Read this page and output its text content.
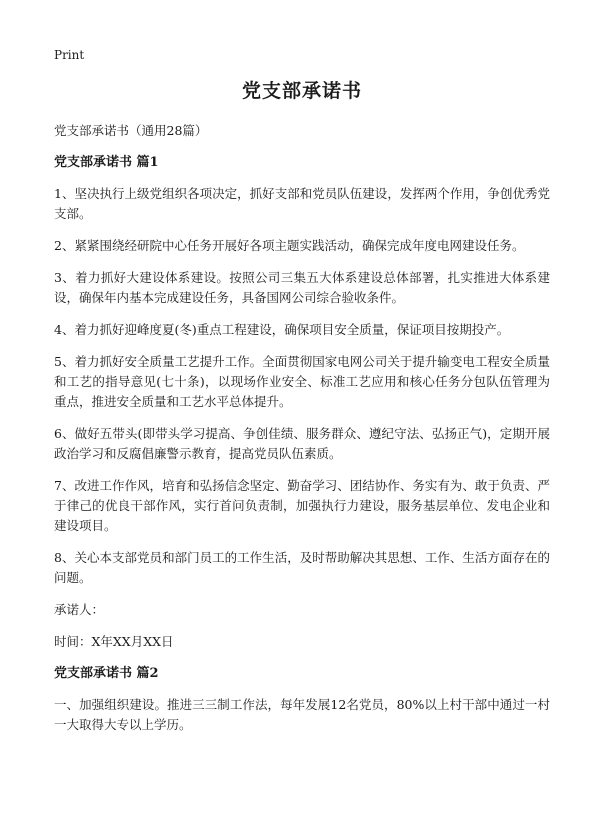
Print
党支部承诺书
党支部承诺书（通用28篇）
党支部承诺书 篇1

1、坚决执行上级党组织各项决定，抓好支部和党员队伍建设，发挥两个作用，争创优秀党支部。

2、紧紧围绕经研院中心任务开展好各项主题实践活动，确保完成年度电网建设任务。

3、着力抓好大建设体系建设。按照公司三集五大体系建设总体部署，扎实推进大体系建设，确保年内基本完成建设任务，具备国网公司综合验收条件。

4、着力抓好迎峰度夏(冬)重点工程建设，确保项目安全质量，保证项目按期投产。

5、着力抓好安全质量工艺提升工作。全面贯彻国家电网公司关于提升输变电工程安全质量和工艺的指导意见(七十条)，以现场作业安全、标准工艺应用和核心任务分包队伍管理为重点，推进安全质量和工艺水平总体提升。

6、做好五带头(即带头学习提高、争创佳绩、服务群众、遵纪守法、弘扬正气)，定期开展政治学习和反腐倡廉警示教育，提高党员队伍素质。

7、改进工作作风，培育和弘扬信念坚定、勤奋学习、团结协作、务实有为、敢于负责、严于律己的优良干部作风，实行首问负责制，加强执行力建设，服务基层单位、发电企业和建设项目。

8、关心本支部党员和部门员工的工作生活，及时帮助解决其思想、工作、生活方面存在的问题。

承诺人：

时间：X年XX月XX日

党支部承诺书 篇2

一、加强组织建设。推进三三制工作法，每年发展12名党员，80%以上村干部中通过一村一大取得大专以上学历。
